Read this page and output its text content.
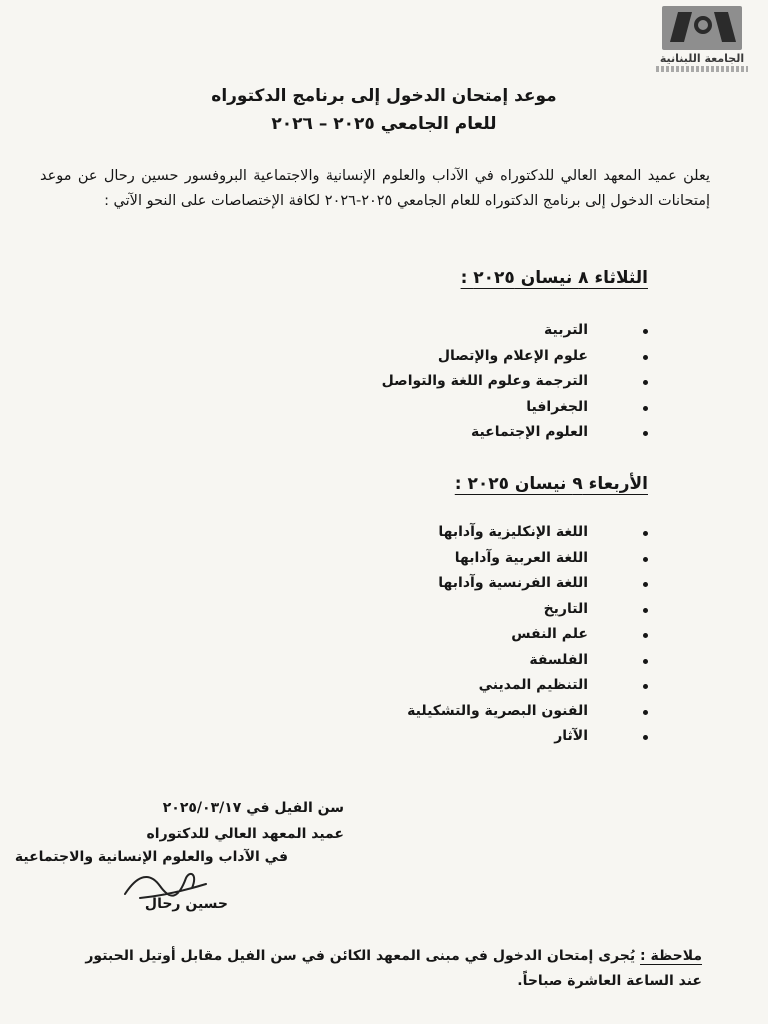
الجامعة اللبنانية
موعد إمتحان الدخول إلى برنامج الدكتوراه
للعام الجامعي ٢٠٢٥ – ٢٠٢٦
يعلن عميد المعهد العالي للدكتوراه في الآداب والعلوم الإنسانية والاجتماعية البروفسور حسين رحال عن موعد إمتحانات الدخول إلى برنامج الدكتوراه للعام الجامعي ٢٠٢٥-٢٠٢٦ لكافة الإختصاصات على النحو الآتي :
الثلاثاء ٨ نيسان ٢٠٢٥ :
التربية
علوم الإعلام والإتصال
الترجمة وعلوم اللغة والتواصل
الجغرافيا
العلوم الإجتماعية
الأربعاء ٩ نيسان ٢٠٢٥ :
اللغة الإنكليزية وآدابها
اللغة العربية وآدابها
اللغة الفرنسية وآدابها
التاريخ
علم النفس
الفلسفة
التنظيم المديني
الفنون البصرية والتشكيلية
الآثار
سن الفيل في ٢٠٢٥/٠٣/١٧
عميد المعهد العالي للدكتوراه
في الآداب والعلوم الإنسانية والاجتماعية
حسين رحال
ملاحظة : يُجرى إمتحان الدخول في مبنى المعهد الكائن في سن الفيل مقابل أوتيل الحبتور عند الساعة العاشرة صباحاً.
